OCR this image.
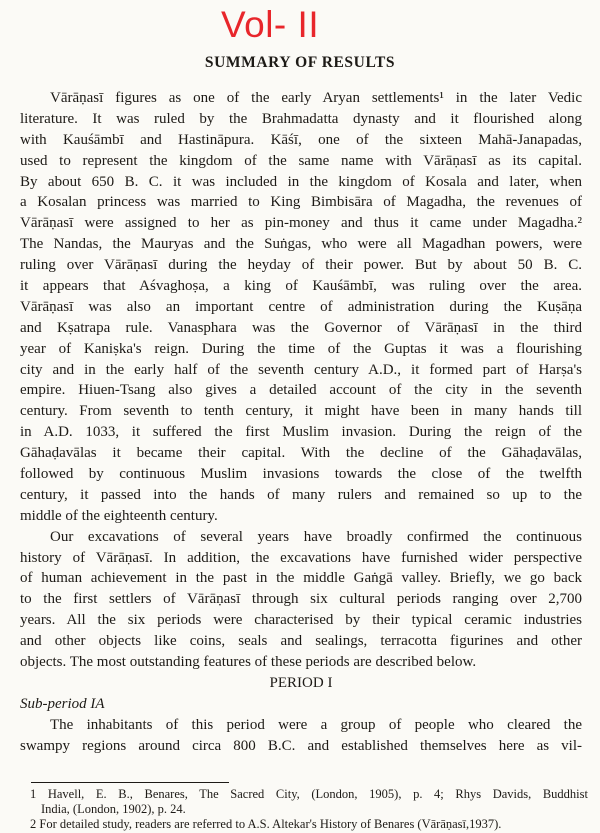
Vol- II
SUMMARY OF RESULTS
Vārāṇasī figures as one of the early Aryan settlements¹ in the later Vedic
literature. It was ruled by the Brahmadatta dynasty and it flourished along
with Kauśāmbī and Hastināpura. Kāśī, one of the sixteen Mahā-Janapadas,
used to represent the kingdom of the same name with Vārāṇasī as its capital.
By about 650 B. C. it was included in the kingdom of Kosala and later, when
a Kosalan princess was married to King Bimbisāra of Magadha, the revenues of
Vārāṇasī were assigned to her as pin-money and thus it came under Magadha.²
The Nandas, the Mauryas and the Suṅgas, who were all Magadhan powers, were
ruling over Vārāṇasī during the heyday of their power. But by about 50 B. C.
it appears that Aśvaghoṣa, a king of Kauśāmbī, was ruling over the area.
Vārāṇasī was also an important centre of administration during the Kuṣāṇa
and Kṣatrapa rule. Vanaspharа was the Governor of Vārāṇasī in the third
year of Kaniṣka's reign. During the time of the Guptas it was a flourishing
city and in the early half of the seventh century A.D., it formed part of Harṣa's
empire. Hiuen-Tsang also gives a detailed account of the city in the seventh
century. From seventh to tenth century, it might have been in many hands till
in A.D. 1033, it suffered the first Muslim invasion. During the reign of the
Gāhaḍavālas it became their capital. With the decline of the Gāhaḍavālas,
followed by continuous Muslim invasions towards the close of the twelfth
century, it passed into the hands of many rulers and remained so up to the
middle of the eighteenth century.
Our excavations of several years have broadly confirmed the continuous
history of Vārāṇasī. In addition, the excavations have furnished wider perspective
of human achievement in the past in the middle Gaṅgā valley. Briefly, we go back
to the first settlers of Vārāṇasī through six cultural periods ranging over 2,700
years. All the six periods were characterised by their typical ceramic industries
and other objects like coins, seals and sealings, terracotta figurines and other
objects. The most outstanding features of these periods are described below.
PERIOD I
Sub-period IA
The inhabitants of this period were a group of people who cleared the
swampy regions around circa 800 B.C. and established themselves here as vil-
1 Havell, E. B., Benares, The Sacred City, (London, 1905), p. 4; Rhys Davids, Buddhist
India, (London, 1902), p. 24.
2 For detailed study, readers are referred to A.S. Altekar's History of Benares (Vārāṇasī,1937).
